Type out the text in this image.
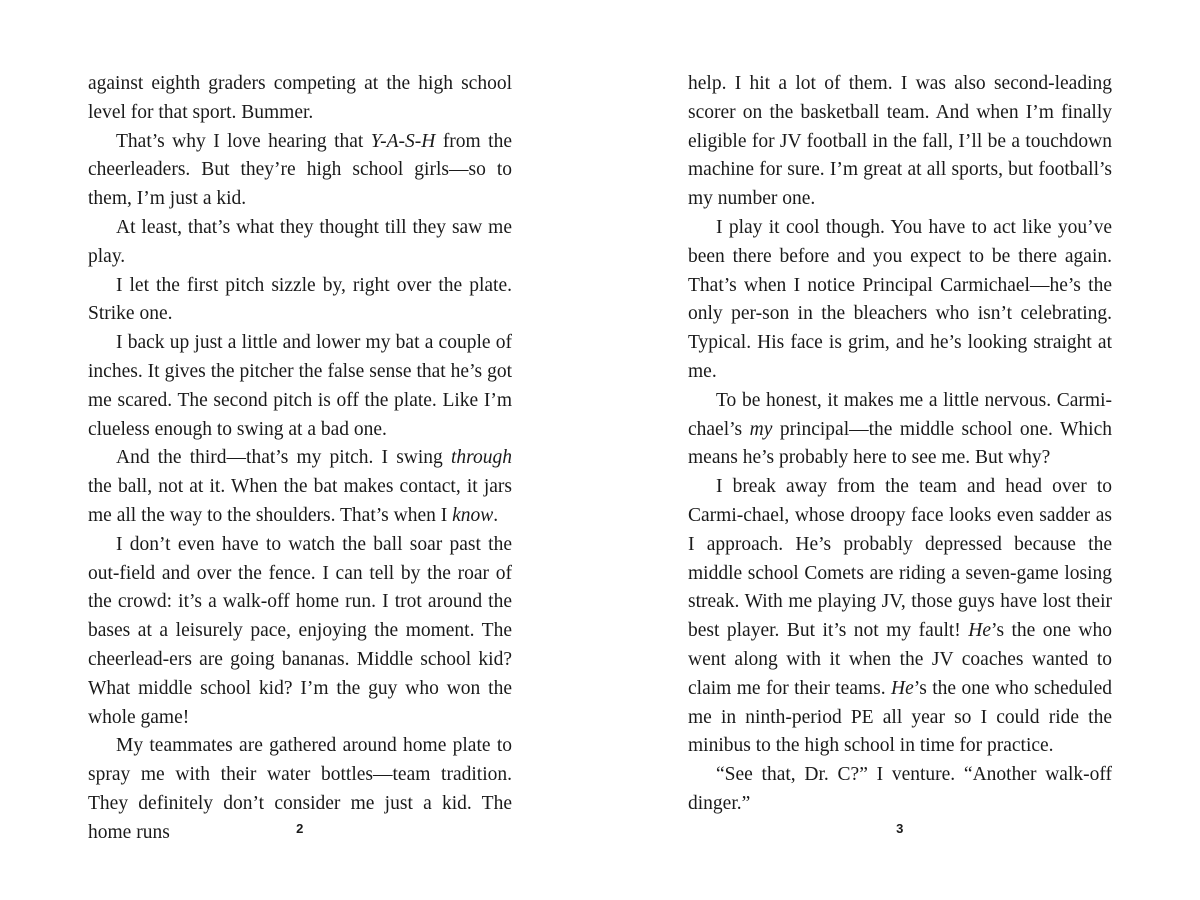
against eighth graders competing at the high school level for that sport. Bummer.

That’s why I love hearing that Y-A-S-H from the cheerleaders. But they’re high school girls—so to them, I’m just a kid.

At least, that’s what they thought till they saw me play.

I let the first pitch sizzle by, right over the plate. Strike one.

I back up just a little and lower my bat a couple of inches. It gives the pitcher the false sense that he’s got me scared. The second pitch is off the plate. Like I’m clueless enough to swing at a bad one.

And the third—that’s my pitch. I swing through the ball, not at it. When the bat makes contact, it jars me all the way to the shoulders. That’s when I know.

I don’t even have to watch the ball soar past the out-field and over the fence. I can tell by the roar of the crowd: it’s a walk-off home run. I trot around the bases at a leisurely pace, enjoying the moment. The cheerlead-ers are going bananas. Middle school kid? What middle school kid? I’m the guy who won the whole game!

My teammates are gathered around home plate to spray me with their water bottles—team tradition. They definitely don’t consider me just a kid. The home runs	2

help. I hit a lot of them. I was also second-leading scorer on the basketball team. And when I’m finally eligible for JV football in the fall, I’ll be a touchdown machine for sure. I’m great at all sports, but football’s my number one.

I play it cool though. You have to act like you’ve been there before and you expect to be there again. That’s when I notice Principal Carmichael—he’s the only per-son in the bleachers who isn’t celebrating. Typical. His face is grim, and he’s looking straight at me.

To be honest, it makes me a little nervous. Carmi-chael’s my principal—the middle school one. Which means he’s probably here to see me. But why?

I break away from the team and head over to Carmi-chael, whose droopy face looks even sadder as I approach. He’s probably depressed because the middle school Comets are riding a seven-game losing streak. With me playing JV, those guys have lost their best player. But it’s not my fault! He’s the one who went along with it when the JV coaches wanted to claim me for their teams. He’s the one who scheduled me in ninth-period PE all year so I could ride the minibus to the high school in time for practice.

“See that, Dr. C?” I venture. “Another walk-off dinger.”

3
